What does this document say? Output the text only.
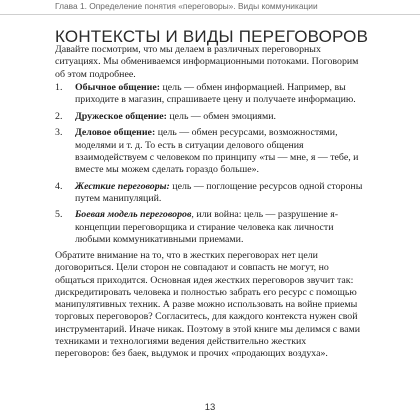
Глава 1. Определение понятия «переговоры». Виды коммуникации
КОНТЕКСТЫ И ВИДЫ ПЕРЕГОВОРОВ

Давайте посмотрим, что мы делаем в различных переговорных ситуациях. Мы обмениваемся информационными потоками. Поговорим об этом подробнее.

1. Обычное общение: цель — обмен информацией. Например, вы приходите в магазин, спрашиваете цену и получаете информацию.
2. Дружеское общение: цель — обмен эмоциями.
3. Деловое общение: цель — обмен ресурсами, возможностями, моделями и т. д. То есть в ситуации делового общения взаимодействуем с человеком по принципу «ты — мне, я — тебе, и вместе мы можем сделать гораздо больше».
4. Жесткие переговоры: цель — поглощение ресурсов одной стороны путем манипуляций.
5. Боевая модель переговоров, или война: цель — разрушение я-концепции переговорщика и стирание человека как личности любыми коммуникативными приемами.

Обратите внимание на то, что в жестких переговорах нет цели договориться. Цели сторон не совпадают и совпасть не могут, но общаться приходится. Основная идея жестких переговоров звучит так: дискредитировать человека и полностью забрать его ресурс с помощью манипулятивных техник. А разве можно использовать на войне приемы торговых переговоров? Согласитесь, для каждого контекста нужен свой инструментарий. Иначе никак. Поэтому в этой книге мы делимся с вами техниками и технологиями ведения действительно жестких переговоров: без баек, выдумок и прочих «продающих воздуха».

13
